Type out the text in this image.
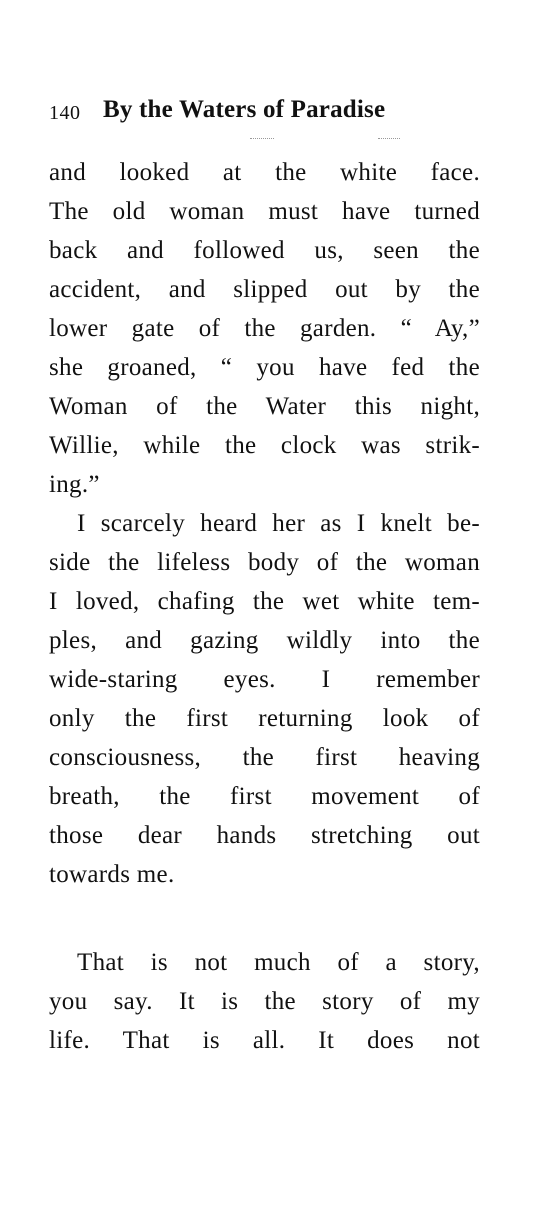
140 By the Waters of Paradise
and looked at the white face.
The old woman must have turned
back and followed us, seen the
accident, and slipped out by the
lower gate of the garden. “ Ay,”
she groaned, “ you have fed the
Woman of the Water this night,
Willie, while the clock was strik-
ing.”
I scarcely heard her as I knelt be-
side the lifeless body of the woman
I loved, chafing the wet white tem-
ples, and gazing wildly into the
wide-staring eyes. I remember
only the first returning look of
consciousness, the first heaving
breath, the first movement of
those dear hands stretching out
towards me.
That is not much of a story,
you say. It is the story of my
life. That is all. It does not
